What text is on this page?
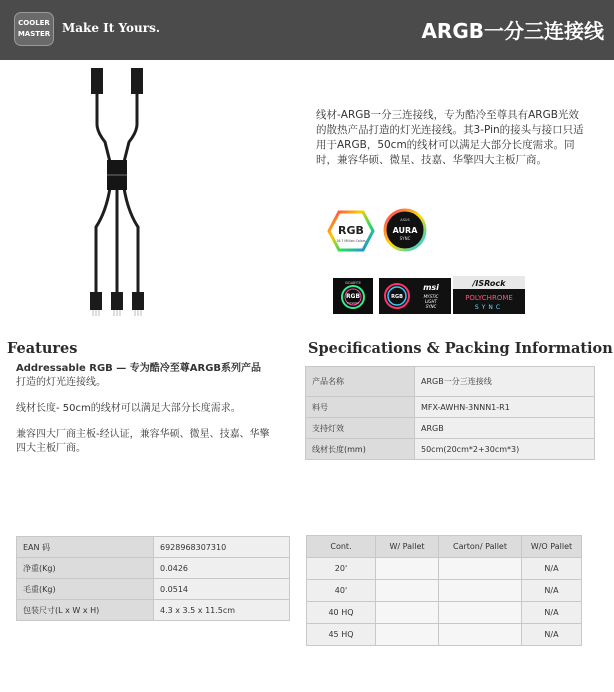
COOLER
MASTER Make It Yours.	ARGB一分三连接线
线材-ARGB一分三连接线，专为酷冷至尊具有ARGB光效的散热产品打造的灯光连接线。其3-Pin的接头与接口只适用于ARGB，50cm的线材可以满足大部分长度需求。同时，兼容华硕、微星、技嘉、华擎四大主板厂商。
RGB
16.7 Million Colors
ASUS
AURA
SYNC
GIGABYTE
RGB
FUSION
RGB
msi
MYSTIC
LIGHT
SYNC
/ISRock
POLYCHROME
SYNC
Features

Addressable RGB — 专为酷冷至尊ARGB系列产品
打造的灯光连接线。

线材长度- 50cm的线材可以满足大部分长度需求。

兼容四大厂商主板-经认证，兼容华硕、微星、技嘉、华擎四大主板厂商。

Specifications & Packing Information
产品名称	ARGB一分三连接线
料号	MFX-AWHN-3NNN1-R1
支持灯效	ARGB
线材长度(mm)	50cm(20cm*2+30cm*3)
EAN 码	6928968307310
净重(Kg)	0.0426
毛重(Kg)	0.0514
包装尺寸(L x W x H)	4.3 x 3.5 x 11.5cm
Cont.	W/ Pallet	Carton/ Pallet	W/O Pallet
20'			N/A
40'			N/A
40 HQ			N/A
45 HQ			N/A
